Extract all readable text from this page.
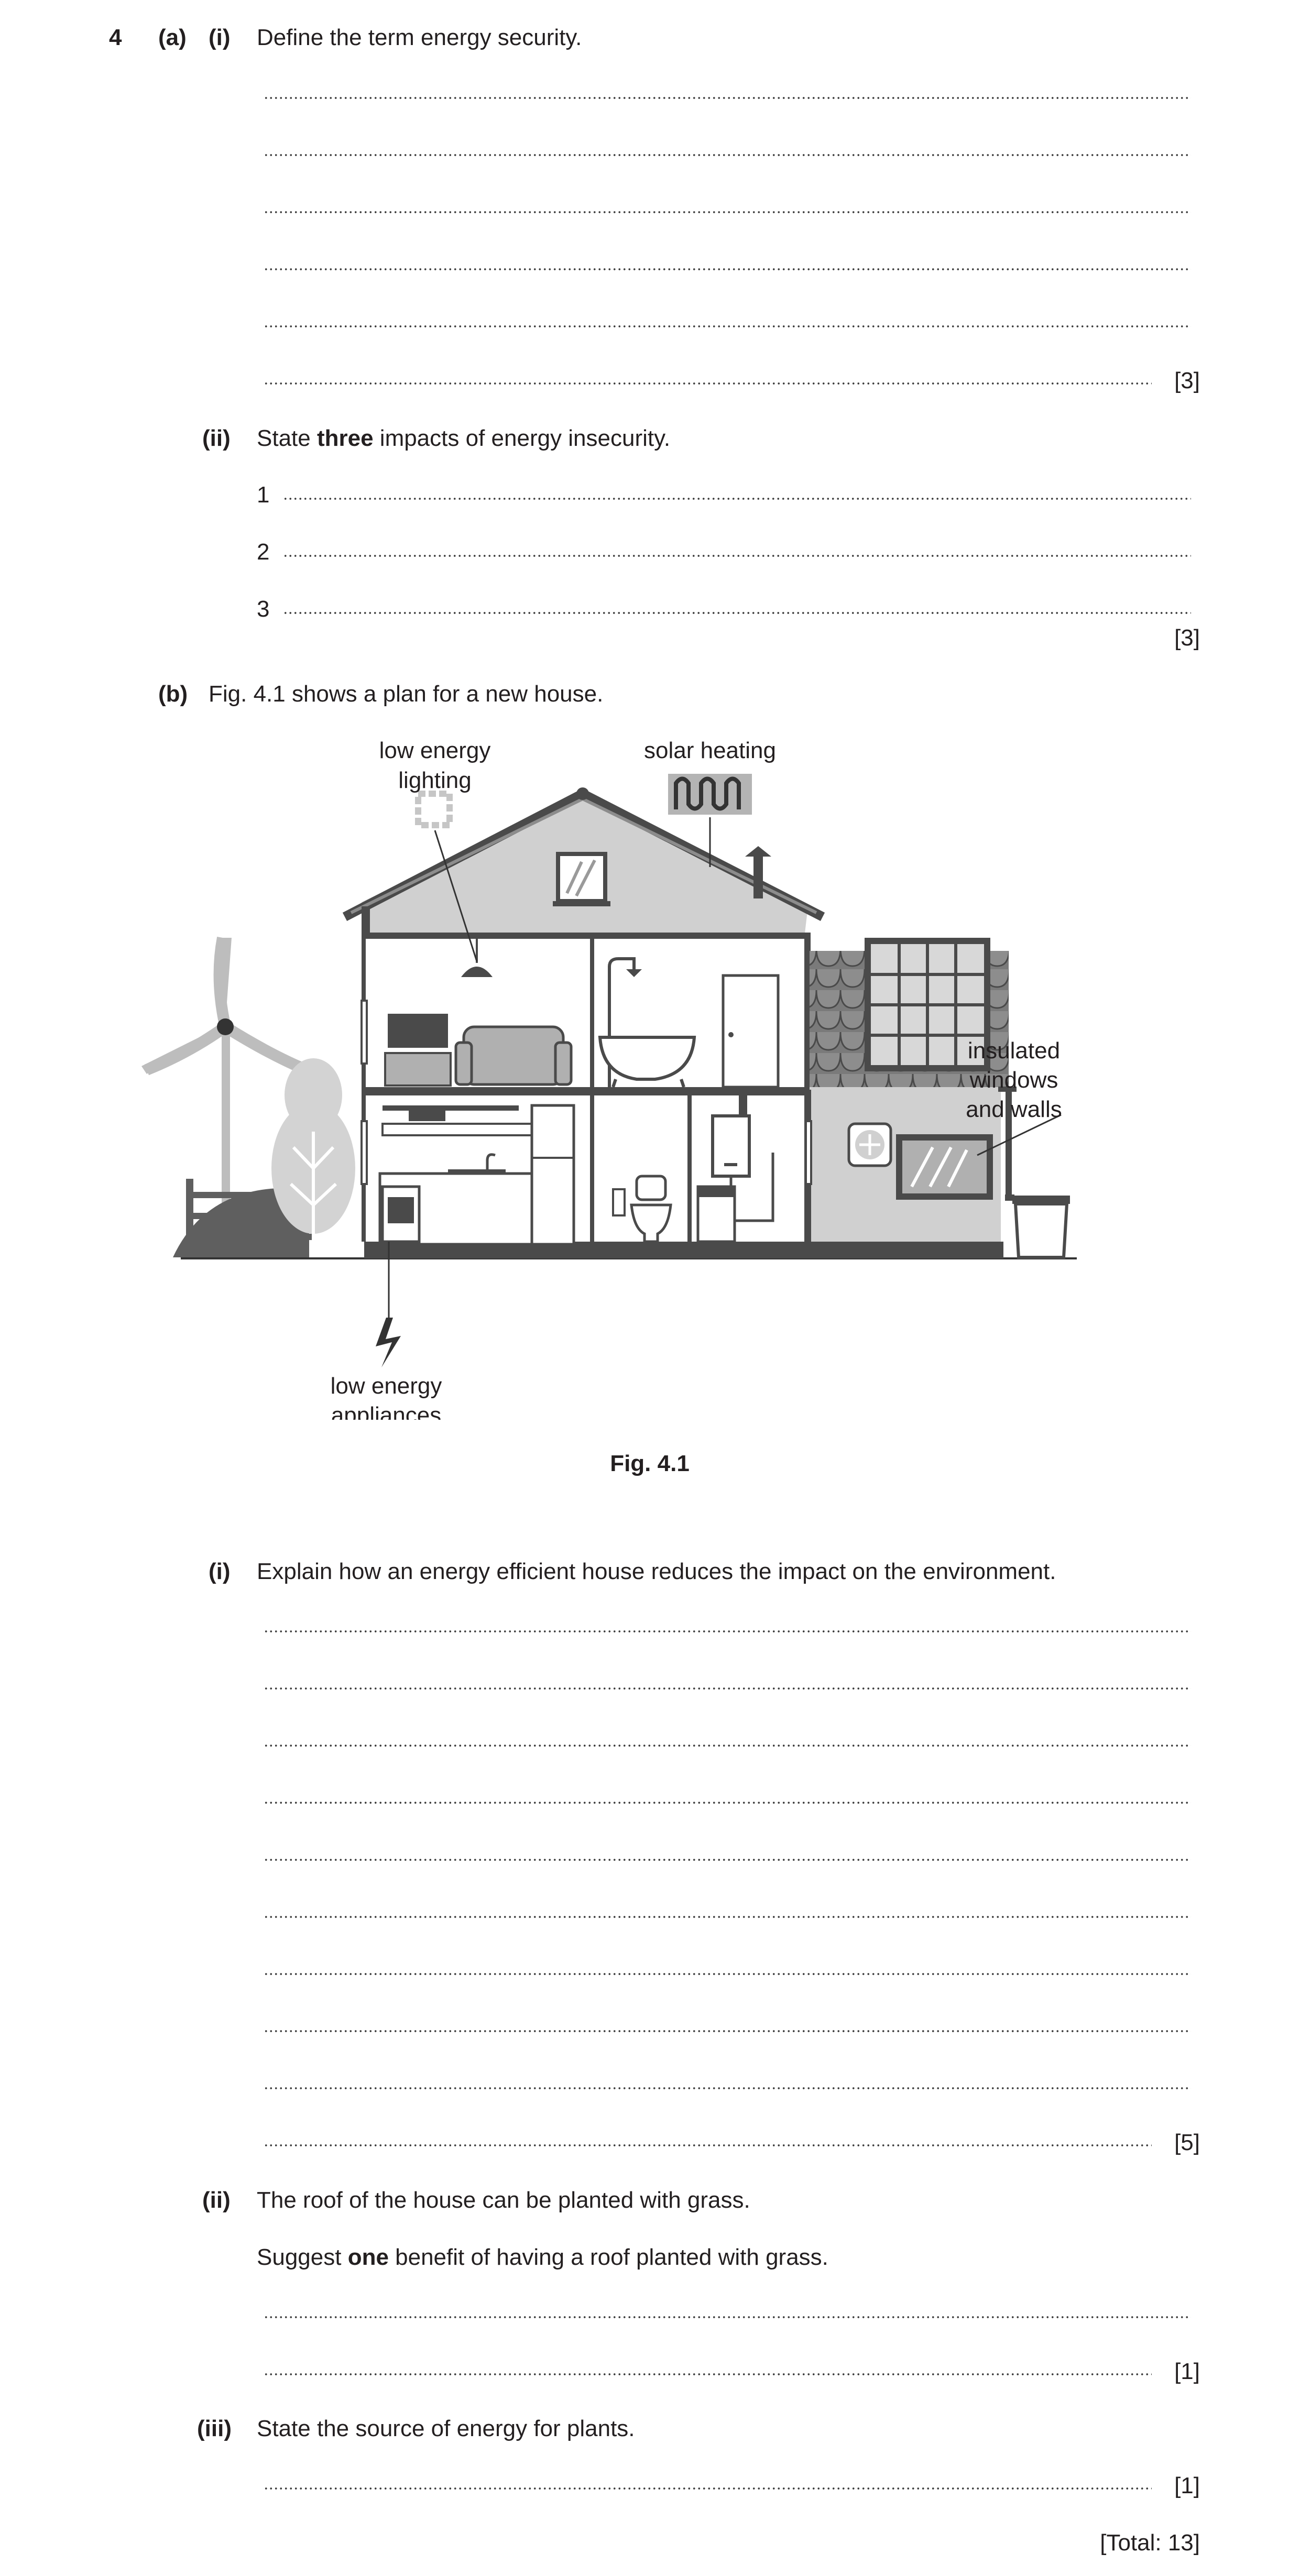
4 (a) (i) Define the term energy security.
[3]
(ii) State three impacts of energy insecurity.
1
2
3
[3]
(b) Fig. 4.1 shows a plan for a new house.
low energy
lighting
solar heating
insulated
windows
and walls
low energy
appliances
Fig. 4.1
(i) Explain how an energy efficient house reduces the impact on the environment.
[5]
(ii) The roof of the house can be planted with grass.
Suggest one benefit of having a roof planted with grass.
[1]
(iii) State the source of energy for plants.
[1]
[Total: 13]
